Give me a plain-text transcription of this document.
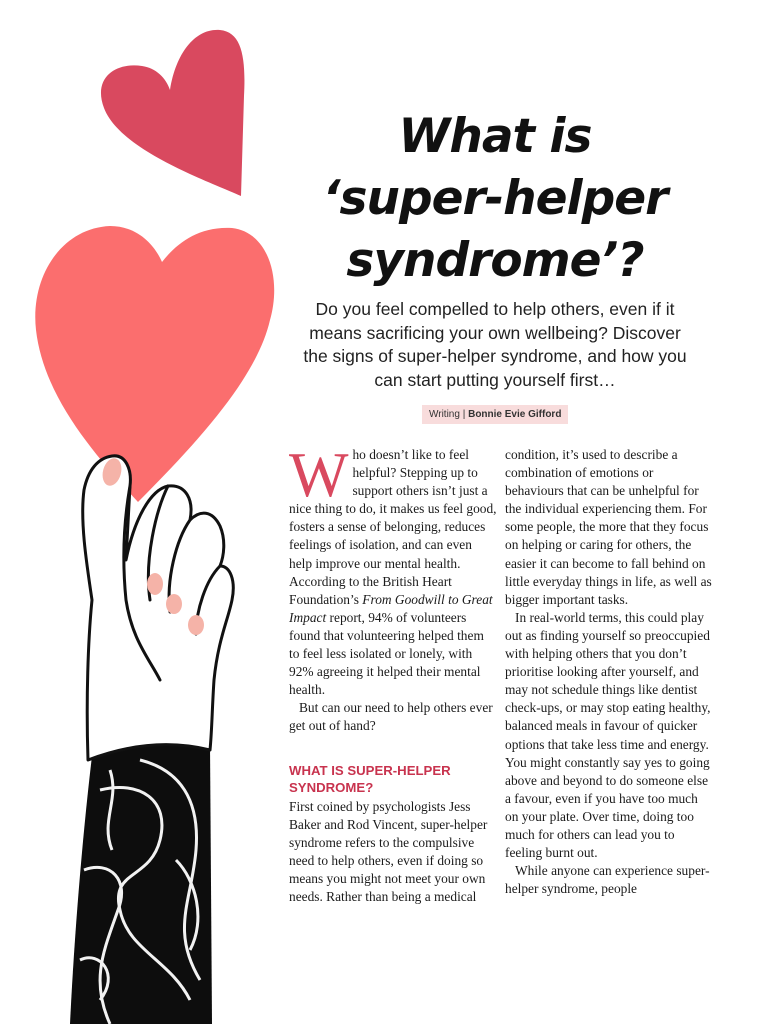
What is
‘super-helper
syndrome’?
Do you feel compelled to help others, even if it means sacrificing your own wellbeing? Discover the signs of super-helper syndrome, and how you can start putting yourself first…
Writing | Bonnie Evie Gifford

Who doesn’t like to feel helpful? Stepping up to support others isn’t just a nice thing to do, it makes us feel good, fosters a sense of belonging, reduces feelings of isolation, and can even help improve our mental health. According to the British Heart Foundation’s From Goodwill to Great Impact report, 94% of volunteers found that volunteering helped them to feel less isolated or lonely, with 92% agreeing it helped their mental health.

But can our need to help others ever get out of hand?

WHAT IS SUPER-HELPER SYNDROME?

First coined by psychologists Jess Baker and Rod Vincent, super-helper syndrome refers to the compulsive need to help others, even if doing so means you might not meet your own needs. Rather than being a medical

condition, it’s used to describe a combination of emotions or behaviours that can be unhelpful for the individual experiencing them. For some people, the more that they focus on helping or caring for others, the easier it can become to fall behind on little everyday things in life, as well as bigger important tasks.

In real-world terms, this could play out as finding yourself so preoccupied with helping others that you don’t prioritise looking after yourself, and may not schedule things like dentist check-ups, or may stop eating healthy, balanced meals in favour of quicker options that take less time and energy. You might constantly say yes to going above and beyond to do someone else a favour, even if you have too much on your plate. Over time, doing too much for others can lead you to feeling burnt out.

While anyone can experience super-helper syndrome, people
